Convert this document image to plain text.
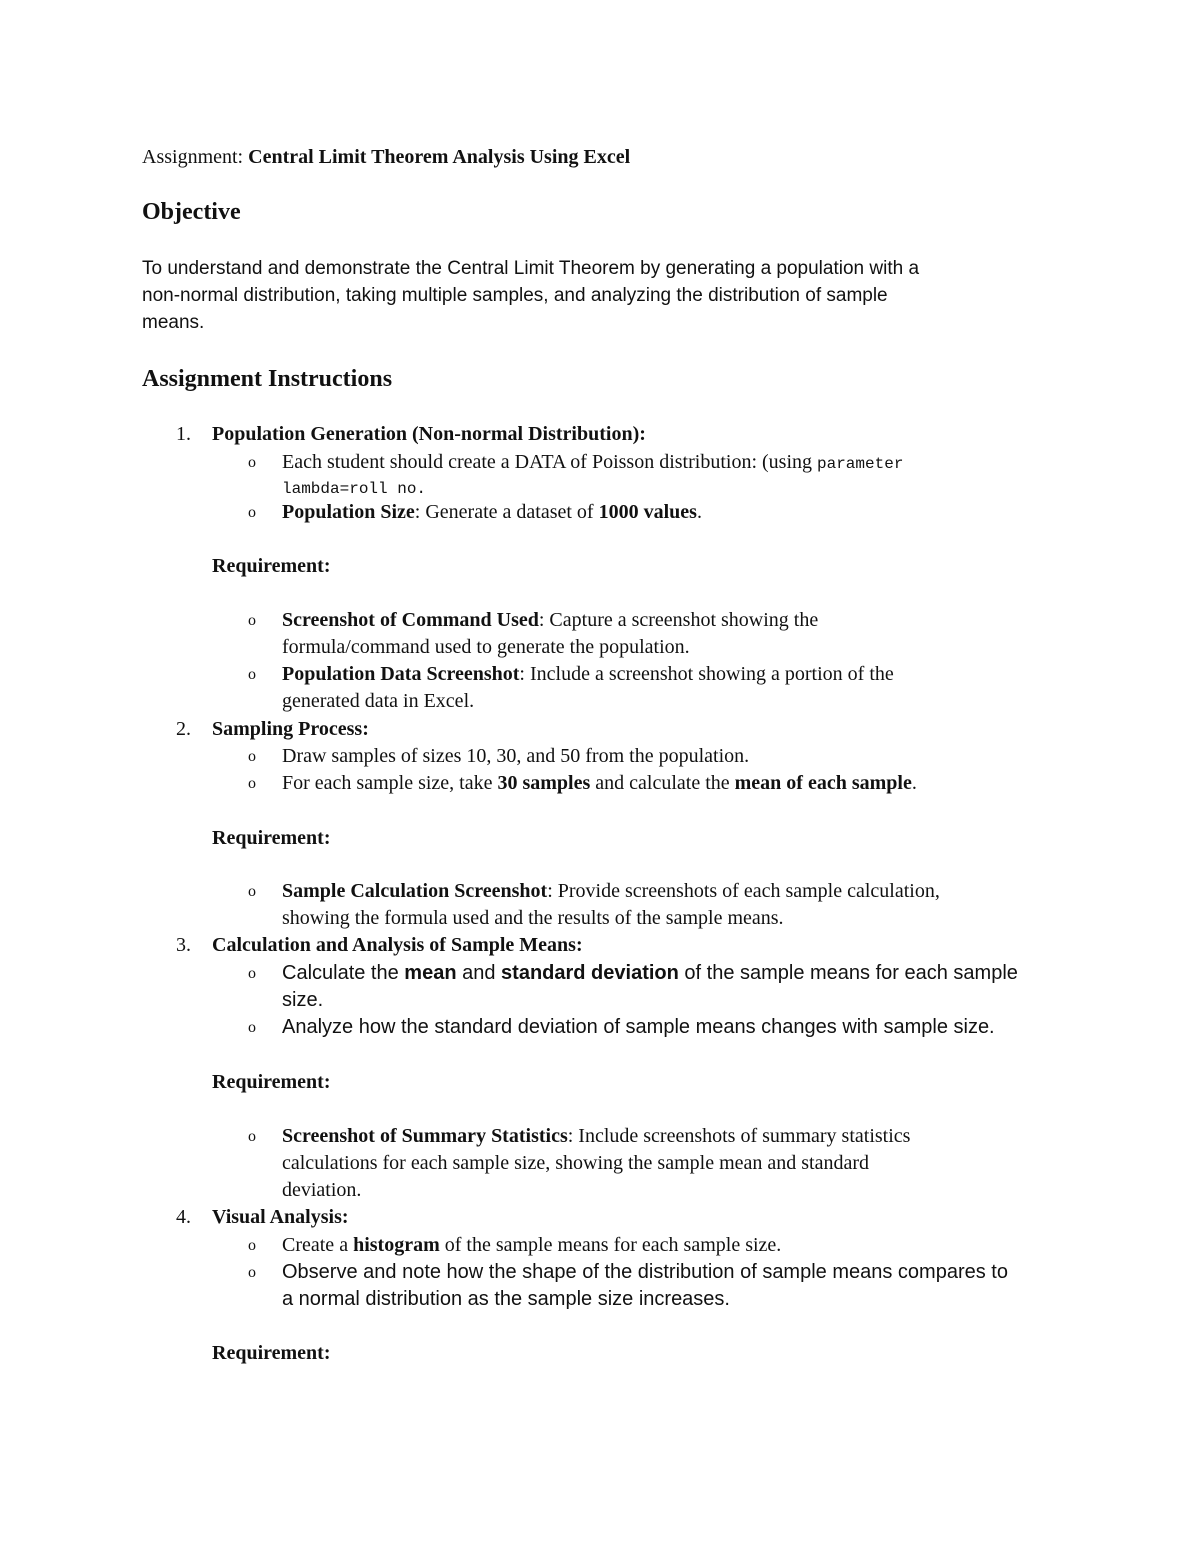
Assignment: Central Limit Theorem Analysis Using Excel
Objective
To understand and demonstrate the Central Limit Theorem by generating a population with a
non-normal distribution, taking multiple samples, and analyzing the distribution of sample
means.
Assignment Instructions
1. Population Generation (Non-normal Distribution):
o Each student should create a DATA of Poisson distribution: (using parameter
lambda=roll no.
o Population Size: Generate a dataset of 1000 values.
Requirement:
o Screenshot of Command Used: Capture a screenshot showing the
formula/command used to generate the population.
o Population Data Screenshot: Include a screenshot showing a portion of the
generated data in Excel.
2. Sampling Process:
o Draw samples of sizes 10, 30, and 50 from the population.
o For each sample size, take 30 samples and calculate the mean of each sample.
Requirement:
o Sample Calculation Screenshot: Provide screenshots of each sample calculation,
showing the formula used and the results of the sample means.
3. Calculation and Analysis of Sample Means:
o Calculate the mean and standard deviation of the sample means for each sample
size.
o Analyze how the standard deviation of sample means changes with sample size.
Requirement:
o Screenshot of Summary Statistics: Include screenshots of summary statistics
calculations for each sample size, showing the sample mean and standard
deviation.
4. Visual Analysis:
o Create a histogram of the sample means for each sample size.
o Observe and note how the shape of the distribution of sample means compares to
a normal distribution as the sample size increases.
Requirement:
